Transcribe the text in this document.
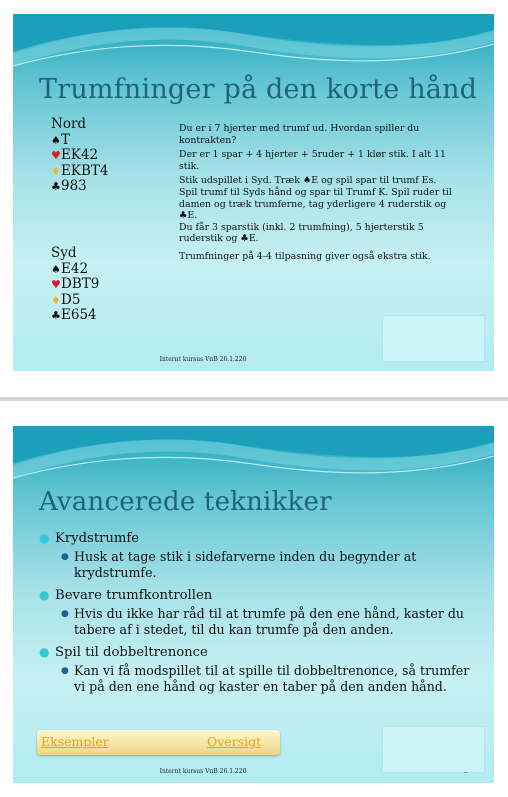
Trumfninger på den korte hånd
Nord
♠ T
♥ EK42
♦ EKBT4
♣ 983
Syd
♠ E42
♥ DBT9
♦ D5
♣ E654

Du er i 7 hjerter med trumf ud. Hvordan spiller du kontrakten?

Der er 1 spar + 4 hjerter + 5ruder + 1 klør stik. I alt 11 stik.

Stik udspillet i Syd. Træk ♠E og spil spar til trumf Es. Spil trumf til Syds hånd og spar til Trumf K. Spil ruder til damen og træk trumferne, tag yderligere 4 ruderstik og ♣E.

Du får 3 sparstik (inkl. 2 trumfning), 5 hjerterstik 5 ruderstik og ♣E.

Trumfninger på 4-4 tilpasning giver også ekstra stik.

Internt kursus VnB 26.1.220
Avancerede teknikker
● Krydstrumfe
● Husk at tage stik i sidefarverne inden du begynder at krydstrumfe.
● Bevare trumfkontrollen
● Hvis du ikke har råd til at trumfe på den ene hånd, kaster du tabere af i stedet, til du kan trumfe på den anden.
● Spil til dobbeltrenonce
● Kan vi få modspillet til at spille til dobbeltrenonce, så trumfer vi på den ene hånd og kaster en taber på den anden hånd.
Eksempler	Oversigt
Internt kursus VnB 26.1.220	--
